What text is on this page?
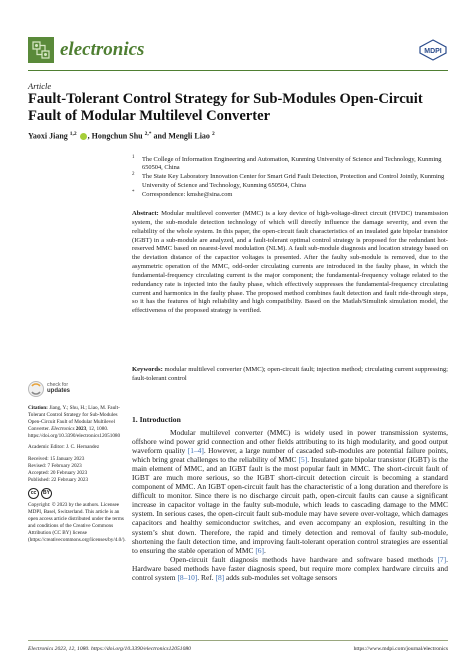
electronics	MDPI
Article
Fault-Tolerant Control Strategy for Sub-Modules Open-Circuit Fault of Modular Multilevel Converter
Yaoxi Jiang $^{1,2}$ , Hongchun Shu $^{2,*}$ and Mengli Liao $^2$
1 The College of Information Engineering and Automation, Kunming University of Science and Technology, Kunming 650504, China
2 The State Key Laboratory Innovation Center for Smart Grid Fault Detection, Protection and Control Jointly, Kunming University of Science and Technology, Kunming 650504, China
* Correspondence: kmshe@sina.com
Abstract: Modular multilevel converter (MMC) is a key device of high-voltage-direct circuit (HVDC) transmission system, the sub-module detection technology of which will directly influence the damage severity, and even the reliability of the whole system. In this paper, the open-circuit fault characteristics of an insulated gate bipolar transistor (IGBT) in a sub-module are analyzed, and a fault-tolerant optimal control strategy is proposed for the redundant hot-reserved MMC based on nearest-level modulation (NLM). A fault sub-module diagnosis and location strategy based on the deviation distance of the capacitor voltages is presented. After the faulty sub-module is removed, due to the asymmetric operation of the MMC, odd-order circulating currents are introduced in the faulty phase, in which the fundamental-frequency circulating current is the major component; the fundamental-frequency voltage related to the redundancy rate is injected into the faulty phase, which effectively suppresses the fundamental-frequency circulating current and harmonics in the faulty phase. The proposed method combines fault detection and fault ride-through steps, so it has the features of high reliability and high compatibility. Based on the Matlab/Simulink simulation model, the effectiveness of the proposed strategy is verified.
Keywords: modular multilevel converter (MMC); open-circuit fault; injection method; circulating current suppressing; fault-tolerant control
check for
updates
Citation: Jiang, Y.; Shu, H.; Liao, M. Fault-Tolerant Control Strategy for Sub-Modules Open-Circuit Fault of Modular Multilevel Converter. Electronics 2023, 12, 1080. https://doi.org/10.3390/electronics12051080
Academic Editor: J. C. Hernandez
Received: 15 January 2023
Revised: 7 February 2023
Accepted: 20 February 2023
Published: 22 February 2023
cc BY
Copyright: © 2023 by the authors. Licensee MDPI, Basel, Switzerland. This article is an open access article distributed under the terms and conditions of the Creative Commons Attribution (CC BY) license (https://creativecommons.org/licenses/by/4.0/).
1. Introduction

Modular multilevel converter (MMC) is widely used in power transmission systems, offshore wind power grid connection and other fields attributing to its high modularity, and good output waveform quality [1–4]. However, a large number of cascaded sub-modules are potential failure points, which bring great challenges to the reliability of MMC [5]. Insulated gate bipolar transistor (IGBT) is the main element of MMC, and an IGBT fault is the most popular fault in MMC. The short-circuit fault of IGBT are much more serious, so the IGBT short-circuit detection circuit is becoming a standard component of MMC. An IGBT open-circuit fault has the characteristic of a long duration and therefore is difficult to monitor. Since there is no discharge circuit path, open-circuit faults can cause a significant increase in capacitor voltage in the faulty sub-module, which leads to cascading damage to the MMC system. In serious cases, the open-circuit fault sub-module may have severe over-voltage, which damages capacitors and healthy semiconductor switches, and even accompany an explosion, resulting in the system’s shut down. Therefore, the rapid and timely detection and removal of faulty sub-module, shortening the fault detection time, and improving fault-tolerant operation control strategies are essential to ensuring the stable operation of MMC [6].

Open-circuit fault diagnosis methods have hardware and software based methods [7]. Hardware based methods have faster diagnosis speed, but require more complex hardware circuits and control system [8–10]. Ref. [8] adds sub-modules set voltage sensors

Electronics 2023, 12, 1080. https://doi.org/10.3390/electronics12051080	https://www.mdpi.com/journal/electronics
